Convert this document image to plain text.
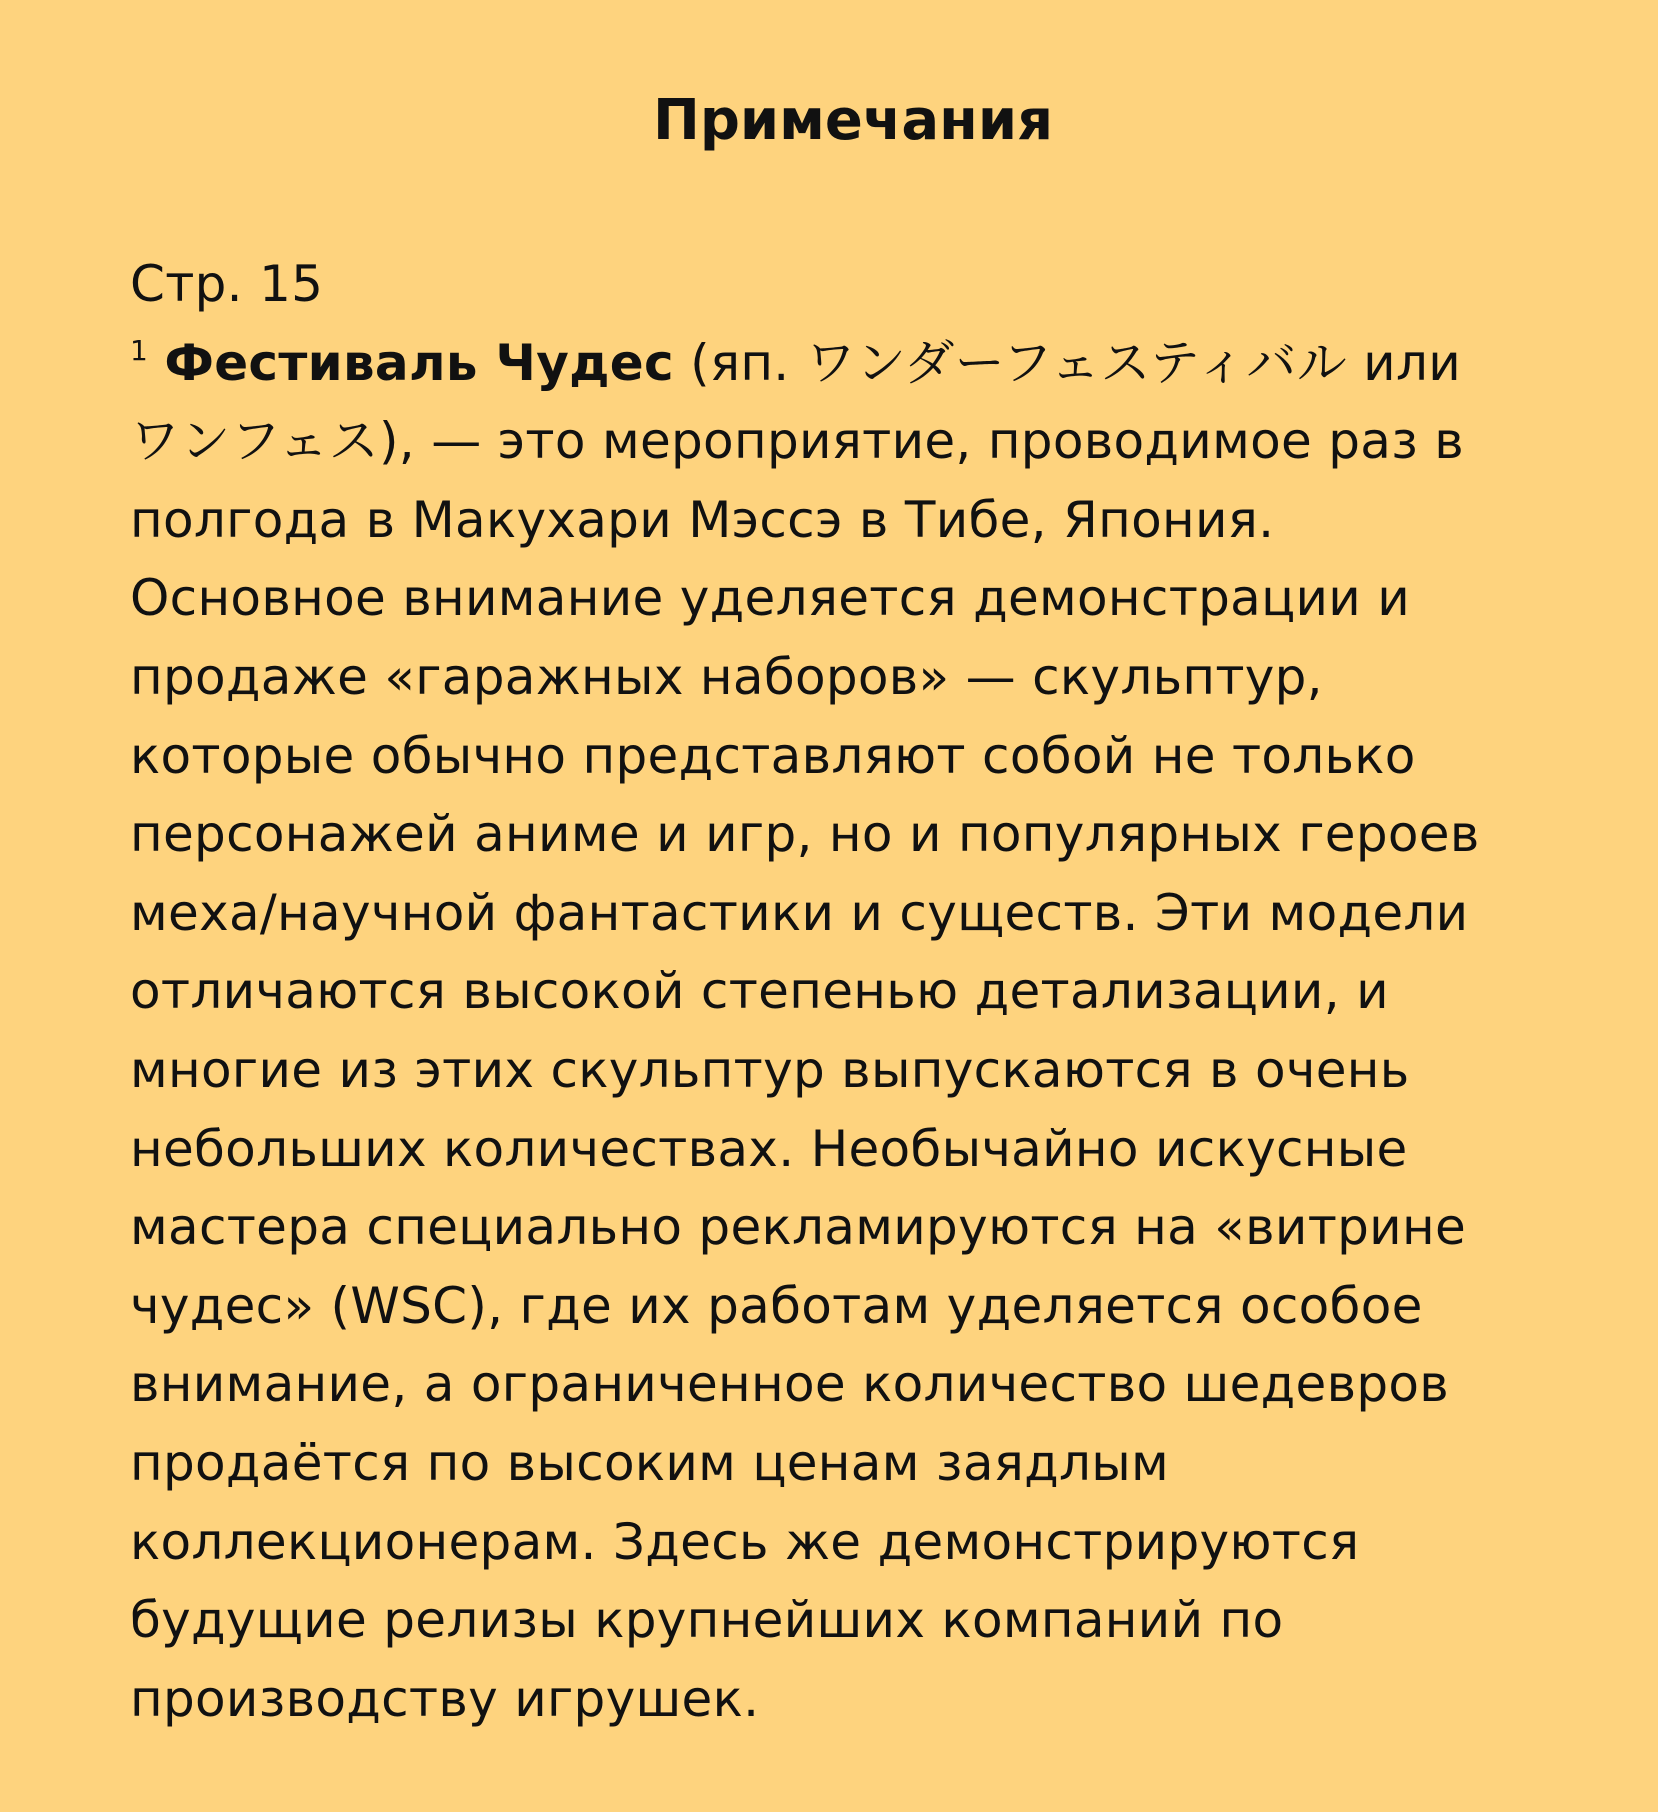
Примечания
Стр. 15
$^1$ Фестиваль Чудес (яп. ワンダーフェスティバル или
ワンフェス), — это мероприятие, проводимое раз в
полгода в Макухари Мэссэ в Тибе, Япония.
Основное внимание уделяется демонстрации и
продаже «гаражных наборов» — скульптур,
которые обычно представляют собой не только
персонажей аниме и игр, но и популярных героев
меха/научной фантастики и существ. Эти модели
отличаются высокой степенью детализации, и
многие из этих скульптур выпускаются в очень
небольших количествах. Необычайно искусные
мастера специально рекламируются на «витрине
чудес» (WSC), где их работам уделяется особое
внимание, а ограниченное количество шедевров
продаётся по высоким ценам заядлым
коллекционерам. Здесь же демонстрируются
будущие релизы крупнейших компаний по
производству игрушек.
